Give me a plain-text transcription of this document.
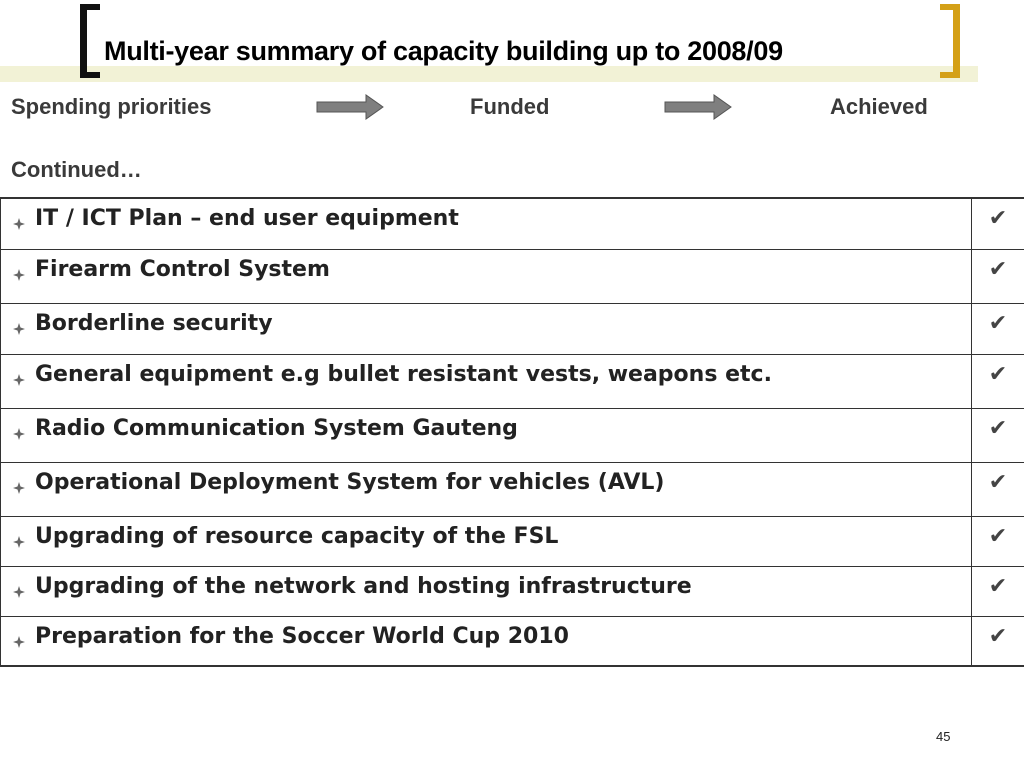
Multi-year summary of capacity building up to 2008/09
Spending priorities	Funded	Achieved
Continued…
IT / ICT Plan – end user equipment	✔

Firearm Control System	✔

Borderline security	✔

General equipment e.g bullet resistant vests, weapons etc.	✔

Radio Communication System Gauteng	✔

Operational Deployment System for vehicles (AVL)	✔

Upgrading of resource capacity of the FSL	✔

Upgrading of the network and hosting infrastructure	✔

Preparation for the Soccer World Cup 2010	✔
45
